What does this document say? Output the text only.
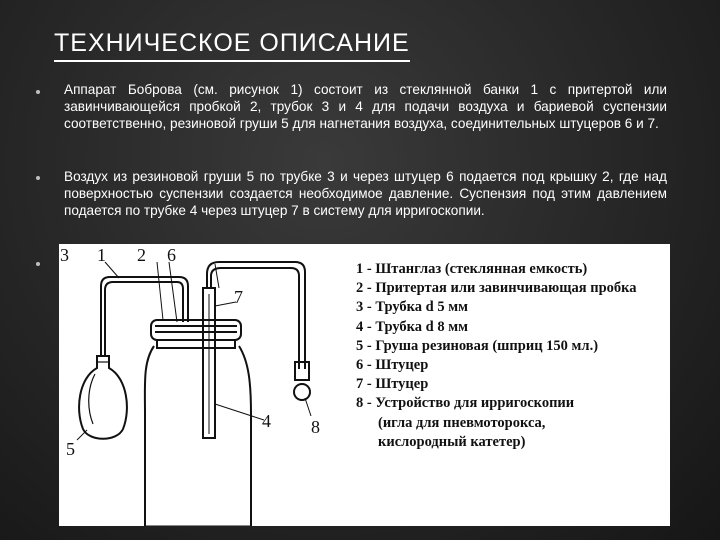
ТЕХНИЧЕСКОЕ ОПИСАНИЕ
Аппарат Боброва (см. рисунок 1) состоит из стеклянной банки 1 с притертой или завинчивающейся пробкой 2, трубок 3 и 4 для подачи воздуха и бариевой суспензии соответственно, резиновой груши 5 для нагнетания воздуха, соединительных штуцеров 6 и 7.
Воздух из резиновой груши 5 по трубке 3 и через штуцер 6 подается под крышку 2, где над поверхностью суспензии создается необходимое давление. Суспензия под этим давлением подается по трубке 4 через штуцер 7 в систему для ирригоскопии.
3 1 2 6
7
4 8
5
1 - Штанглаз (стеклянная емкость)
2 - Притертая или завинчивающая пробка
3 - Трубка d 5 мм
4 - Трубка d 8 мм
5 - Груша резиновая (шприц 150 мл.)
6 - Штуцер
7 - Штуцер
8 - Устройство для ирригоскопии
(игла для пневмоторокса,
кислородный катетер)
